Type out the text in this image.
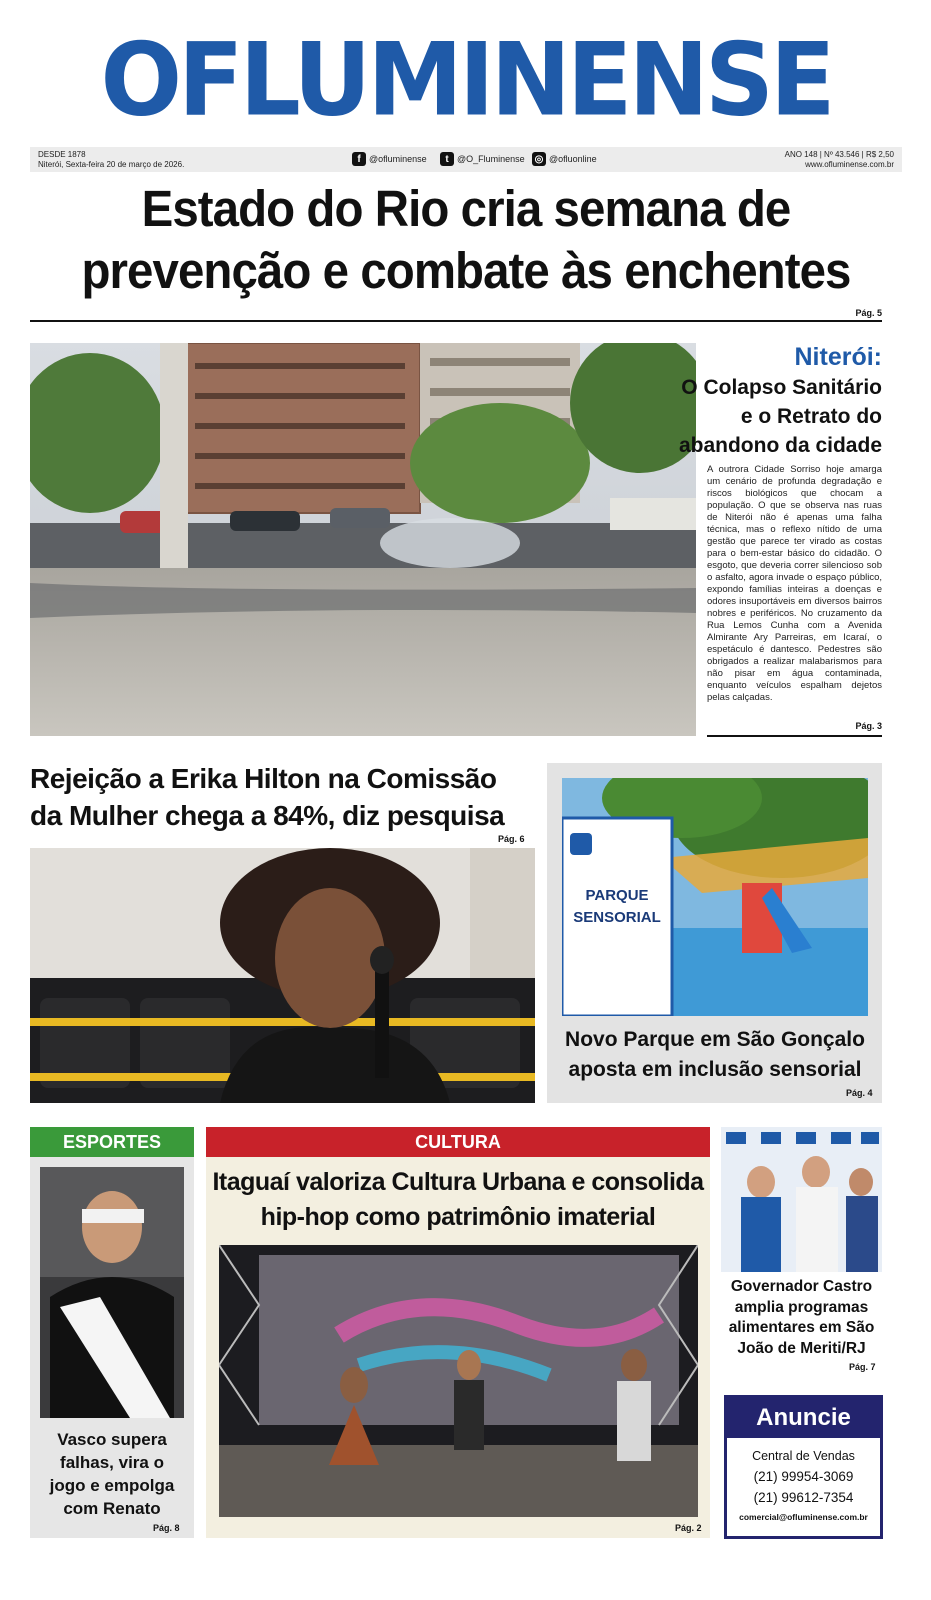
OFLUMINENSE
DESDE 1878
Niterói, Sexta-feira 20 de março de 2026.	f @ofluminense	t @O_Fluminense ◎ @ofluonline	ANO 148 | Nº 43.546 | R$ 2,50
www.ofluminense.com.br
Estado do Rio cria semana de
prevenção e combate às enchentes
Pág. 5
Niterói:
O Colapso Sanitário
e o Retrato do
abandono da cidade
A outrora Cidade Sorriso hoje amarga um cenário de profunda degradação e riscos biológicos que chocam a população. O que se observa nas ruas de Niterói não é apenas uma falha técnica, mas o reflexo nítido de uma gestão que parece ter virado as costas para o bem-estar básico do cidadão. O esgoto, que deveria correr silencioso sob o asfalto, agora invade o espaço público, expondo famílias inteiras a doenças e odores insuportáveis em diversos bairros nobres e periféricos. No cruzamento da Rua Lemos Cunha com a Avenida Almirante Ary Parreiras, em Icaraí, o espetáculo é dantesco. Pedestres são obrigados a realizar malabarismos para não pisar em água contaminada, enquanto veículos espalham dejetos pelas calçadas.
Pág. 3
Rejeição a Erika Hilton na Comissão
da Mulher chega a 84%, diz pesquisa
Pág. 6
PARQUE
SENSORIAL
Novo Parque em São Gonçalo
aposta em inclusão sensorial
Pág. 4
ESPORTES
Vasco supera
falhas, vira o
jogo e empolga
com Renato
Pág. 8
CULTURA
Itaguaí valoriza Cultura Urbana e consolida
hip-hop como patrimônio imaterial
Pág. 2
Governador Castro
amplia programas
alimentares em São
João de Meriti/RJ
Pág. 7
Anuncie
Central de Vendas
(21) 99954-3069
(21) 99612-7354
comercial@ofluminense.com.br
